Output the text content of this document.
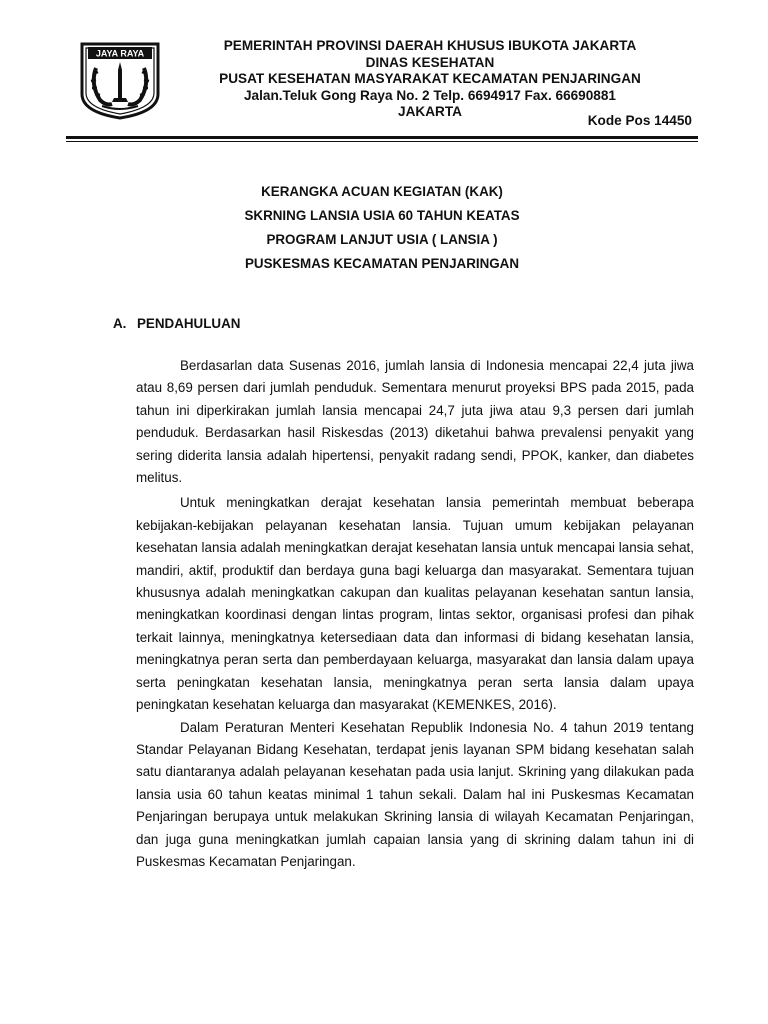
JAYA RAYA
PEMERINTAH PROVINSI DAERAH KHUSUS IBUKOTA JAKARTA
DINAS KESEHATAN
PUSAT KESEHATAN MASYARAKAT KECAMATAN PENJARINGAN
Jalan.Teluk Gong Raya No. 2 Telp. 6694917 Fax. 66690881
JAKARTA
Kode Pos 14450
KERANGKA ACUAN KEGIATAN (KAK)
SKRNING LANSIA USIA 60 TAHUN KEATAS
PROGRAM LANJUT USIA ( LANSIA )
PUSKESMAS KECAMATAN PENJARINGAN
A. PENDAHULUAN

Berdasarlan data Susenas 2016, jumlah lansia di Indonesia mencapai 22,4 juta jiwa atau 8,69 persen dari jumlah penduduk. Sementara menurut proyeksi BPS pada 2015, pada tahun ini diperkirakan jumlah lansia mencapai 24,7 juta jiwa atau 9,3 persen dari jumlah penduduk. Berdasarkan hasil Riskesdas (2013) diketahui bahwa prevalensi penyakit yang sering diderita lansia adalah hipertensi, penyakit radang sendi, PPOK, kanker, dan diabetes melitus.

Untuk meningkatkan derajat kesehatan lansia pemerintah membuat beberapa kebijakan-kebijakan pelayanan kesehatan lansia. Tujuan umum kebijakan pelayanan kesehatan lansia adalah meningkatkan derajat kesehatan lansia untuk mencapai lansia sehat, mandiri, aktif, produktif dan berdaya guna bagi keluarga dan masyarakat. Sementara tujuan khususnya adalah meningkatkan cakupan dan kualitas pelayanan kesehatan santun lansia, meningkatkan koordinasi dengan lintas program, lintas sektor, organisasi profesi dan pihak terkait lainnya, meningkatnya ketersediaan data dan informasi di bidang kesehatan lansia, meningkatnya peran serta dan pemberdayaan keluarga, masyarakat dan lansia dalam upaya serta peningkatan kesehatan lansia, meningkatnya peran serta lansia dalam upaya peningkatan kesehatan keluarga dan masyarakat (KEMENKES, 2016).

Dalam Peraturan Menteri Kesehatan Republik Indonesia No. 4 tahun 2019 tentang Standar Pelayanan Bidang Kesehatan, terdapat jenis layanan SPM bidang kesehatan salah satu diantaranya adalah pelayanan kesehatan pada usia lanjut. Skrining yang dilakukan pada lansia usia 60 tahun keatas minimal 1 tahun sekali. Dalam hal ini Puskesmas Kecamatan Penjaringan berupaya untuk melakukan Skrining lansia di wilayah Kecamatan Penjaringan, dan juga guna meningkatkan jumlah capaian lansia yang di skrining dalam tahun ini di Puskesmas Kecamatan Penjaringan.
